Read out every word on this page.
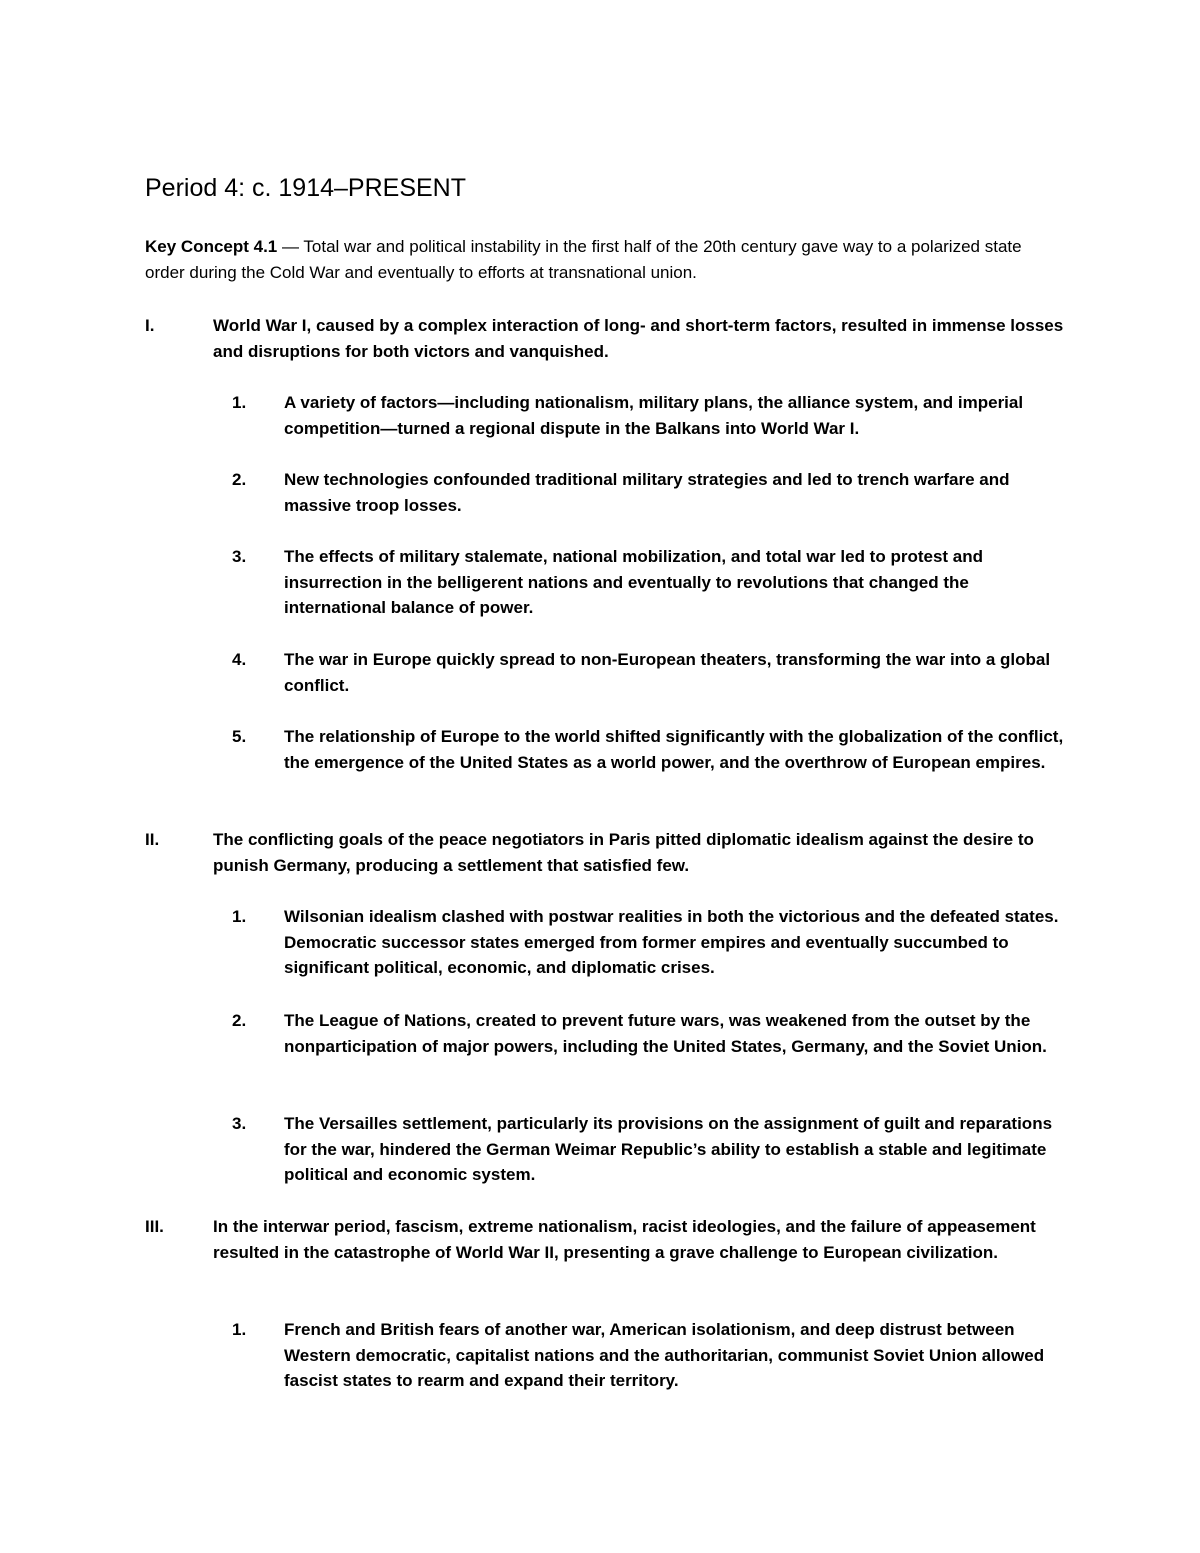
Period 4: c. 1914–PRESENT
Key Concept 4.1 — Total war and political instability in the first half of the 20th century gave way to a polarized state order during the Cold War and eventually to efforts at transnational union.
I.	World War I, caused by a complex interaction of long- and short-term factors, resulted in immense losses and disruptions for both victors and vanquished.
1. A variety of factors—including nationalism, military plans, the alliance system, and imperial competition—turned a regional dispute in the Balkans into World War I.
2. New technologies confounded traditional military strategies and led to trench warfare and massive troop losses.
3. The effects of military stalemate, national mobilization, and total war led to protest and insurrection in the belligerent nations and eventually to revolutions that changed the international balance of power.
4. The war in Europe quickly spread to non-European theaters, transforming the war into a global conflict.
5. The relationship of Europe to the world shifted significantly with the globalization of the conflict, the emergence of the United States as a world power, and the overthrow of European empires.
II.	The conflicting goals of the peace negotiators in Paris pitted diplomatic idealism against the desire to punish Germany, producing a settlement that satisfied few.
1. Wilsonian idealism clashed with postwar realities in both the victorious and the defeated states. Democratic successor states emerged from former empires and eventually succumbed to significant political, economic, and diplomatic crises.
2. The League of Nations, created to prevent future wars, was weakened from the outset by the nonparticipation of major powers, including the United States, Germany, and the Soviet Union.
3. The Versailles settlement, particularly its provisions on the assignment of guilt and reparations for the war, hindered the German Weimar Republic’s ability to establish a stable and legitimate political and economic system.
III.	In the interwar period, fascism, extreme nationalism, racist ideologies, and the failure of appeasement resulted in the catastrophe of World War II, presenting a grave challenge to European civilization.
1. French and British fears of another war, American isolationism, and deep distrust between Western democratic, capitalist nations and the authoritarian, communist Soviet Union allowed fascist states to rearm and expand their territory.
